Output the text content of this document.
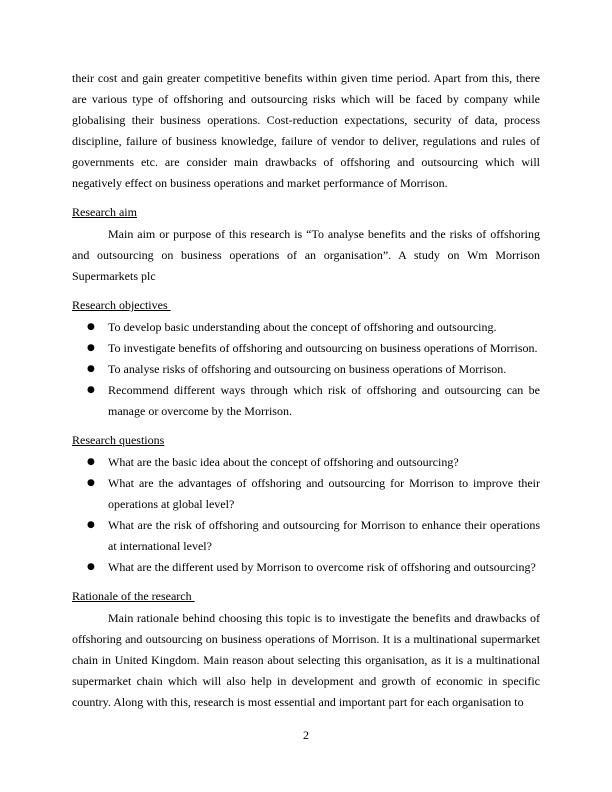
their cost and gain greater competitive benefits within given time period. Apart from this, there are various type of offshoring and outsourcing risks which will be faced by company while globalising their business operations. Cost-reduction expectations, security of data, process discipline, failure of business knowledge, failure of vendor to deliver, regulations and rules of governments etc. are consider main drawbacks of offshoring and outsourcing which will negatively effect on business operations and market performance of Morrison.

Research aim

Main aim or purpose of this research is “To analyse benefits and the risks of offshoring and outsourcing on business operations of an organisation”. A study on Wm Morrison Supermarkets plc

Research objectives
● To develop basic understanding about the concept of offshoring and outsourcing.
● To investigate benefits of offshoring and outsourcing on business operations of Morrison.
● To analyse risks of offshoring and outsourcing on business operations of Morrison.
● Recommend different ways through which risk of offshoring and outsourcing can be manage or overcome by the Morrison.
Research questions
● What are the basic idea about the concept of offshoring and outsourcing?
● What are the advantages of offshoring and outsourcing for Morrison to improve their operations at global level?
● What are the risk of offshoring and outsourcing for Morrison to enhance their operations at international level?
● What are the different used by Morrison to overcome risk of offshoring and outsourcing?
Rationale of the research

Main rationale behind choosing this topic is to investigate the benefits and drawbacks of offshoring and outsourcing on business operations of Morrison. It is a multinational supermarket chain in United Kingdom. Main reason about selecting this organisation, as it is a multinational supermarket chain which will also help in development and growth of economic in specific country. Along with this, research is most essential and important part for each organisation to

2
